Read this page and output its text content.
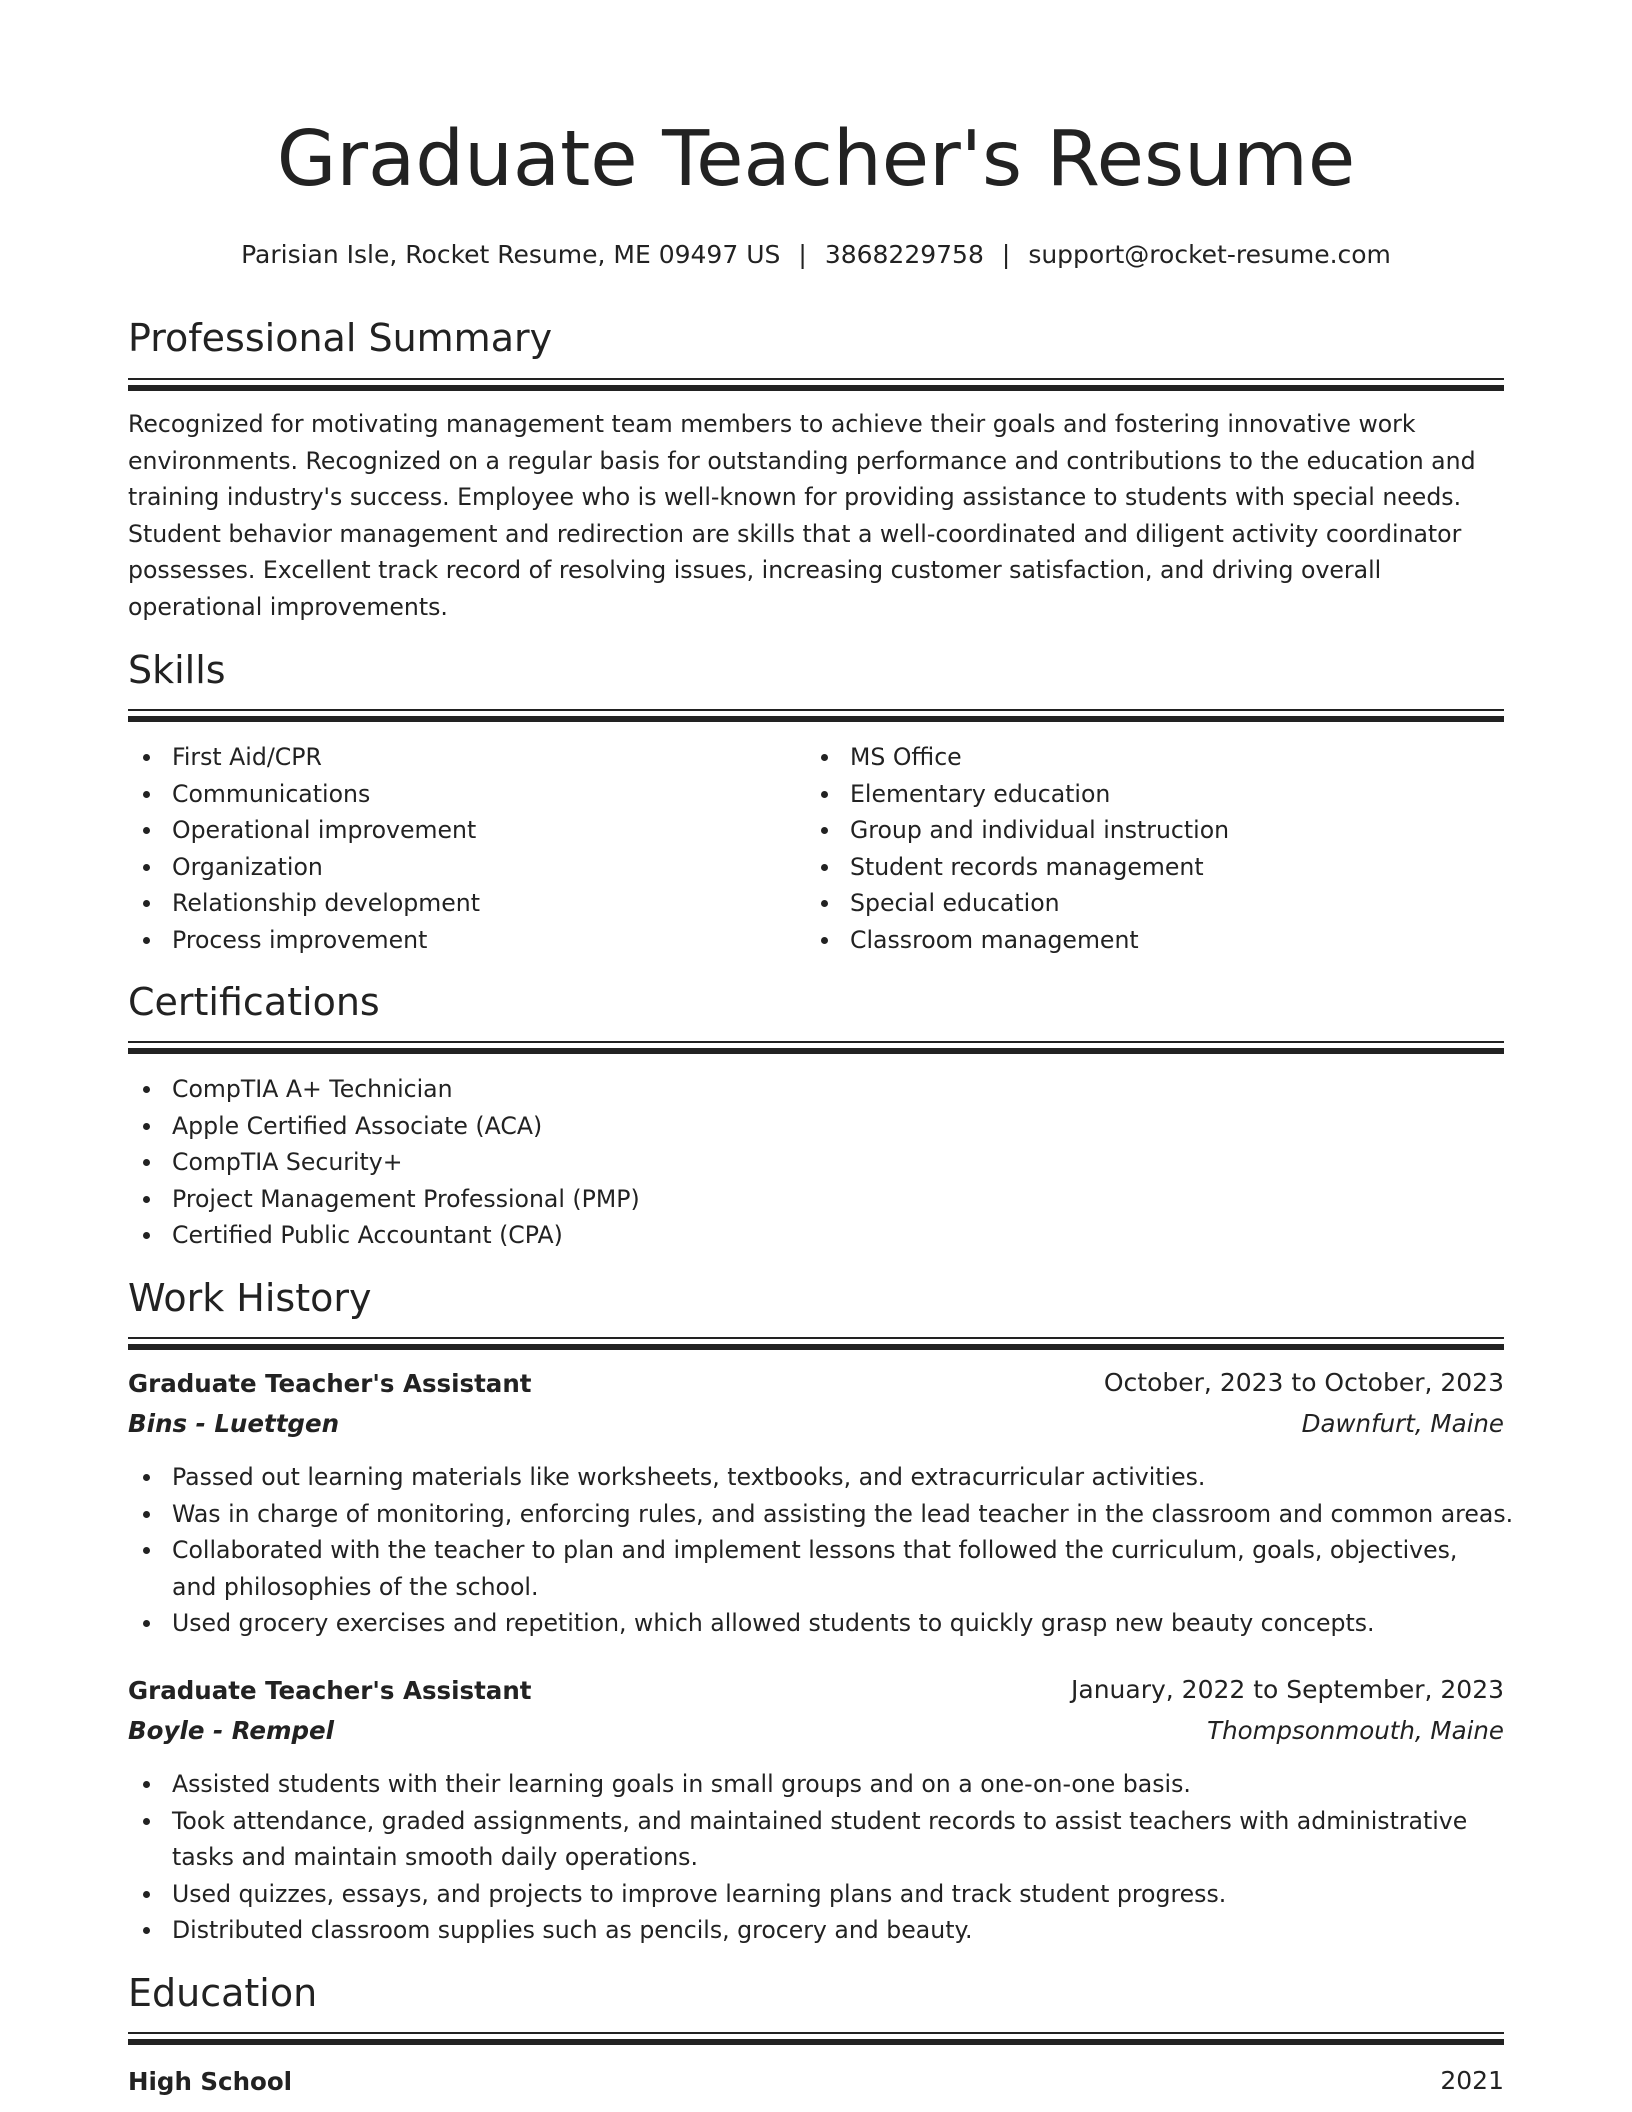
Graduate Teacher's Resume
Parisian Isle, Rocket Resume, ME 09497 US | 3868229758 | support@rocket-resume.com
Professional Summary

Recognized for motivating management team members to achieve their goals and fostering innovative work environments. Recognized on a regular basis for outstanding performance and contributions to the education and training industry's success. Employee who is well-known for providing assistance to students with special needs. Student behavior management and redirection are skills that a well-coordinated and diligent activity coordinator possesses. Excellent track record of resolving issues, increasing customer satisfaction, and driving overall operational improvements.

Skills
First Aid/CPR
Communications
Operational improvement
Organization
Relationship development
Process improvement
MS Office
Elementary education
Group and individual instruction
Student records management
Special education
Classroom management
Certifications
CompTIA A+ Technician
Apple Certified Associate (ACA)
CompTIA Security+
Project Management Professional (PMP)
Certified Public Accountant (CPA)
Work History
Graduate Teacher's Assistant	October, 2023 to October, 2023
Bins - Luettgen	Dawnfurt, Maine
Passed out learning materials like worksheets, textbooks, and extracurricular activities.
Was in charge of monitoring, enforcing rules, and assisting the lead teacher in the classroom and common areas.
Collaborated with the teacher to plan and implement lessons that followed the curriculum, goals, objectives, and philosophies of the school.
Used grocery exercises and repetition, which allowed students to quickly grasp new beauty concepts.
Graduate Teacher's Assistant	January, 2022 to September, 2023
Boyle - Rempel	Thompsonmouth, Maine
Assisted students with their learning goals in small groups and on a one-on-one basis.
Took attendance, graded assignments, and maintained student records to assist teachers with administrative tasks and maintain smooth daily operations.
Used quizzes, essays, and projects to improve learning plans and track student progress.
Distributed classroom supplies such as pencils, grocery and beauty.
Education
High School	2021
